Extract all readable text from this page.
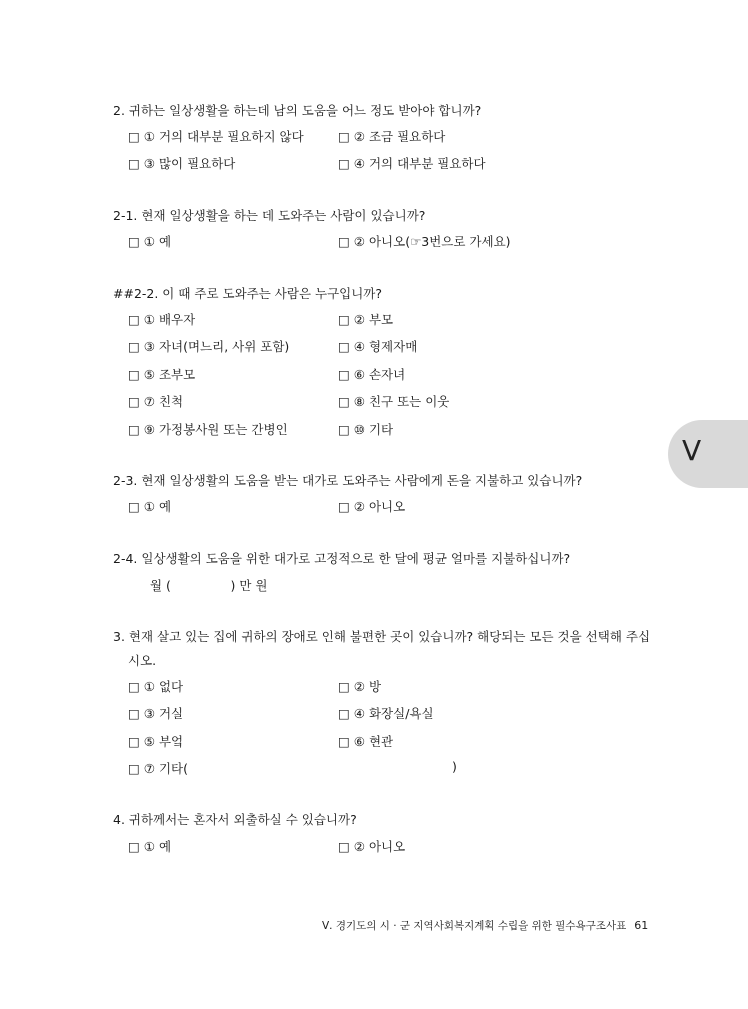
V
2. 귀하는 일상생활을 하는데 남의 도움을 어느 정도 받아야 합니까?
□ ① 거의 대부분 필요하지 않다	□ ② 조금 필요하다
□ ③ 많이 필요하다	□ ④ 거의 대부분 필요하다
2-1. 현재 일상생활을 하는 데 도와주는 사람이 있습니까?
□ ① 예	□ ② 아니오(☞3번으로 가세요)
##2-2. 이 때 주로 도와주는 사람은 누구입니까?
□ ① 배우자	□ ② 부모
□ ③ 자녀(며느리, 사위 포함)	□ ④ 형제자매
□ ⑤ 조부모	□ ⑥ 손자녀
□ ⑦ 친척	□ ⑧ 친구 또는 이웃
□ ⑨ 가정봉사원 또는 간병인	□ ⑩ 기타
2-3. 현재 일상생활의 도움을 받는 대가로 도와주는 사람에게 돈을 지불하고 있습니까?
□ ① 예	□ ② 아니오
2-4. 일상생활의 도움을 위한 대가로 고정적으로 한 달에 평균 얼마를 지불하십니까?
월 (               ) 만 원
3. 현재 살고 있는 집에 귀하의 장애로 인해 불편한 곳이 있습니까? 해당되는 모든 것을 선택해 주십
시오.
□ ① 없다	□ ② 방
□ ③ 거실	□ ④ 화장실/욕실
□ ⑤ 부엌	□ ⑥ 현관
□ ⑦ 기타(	)
4. 귀하께서는 혼자서 외출하실 수 있습니까?
□ ① 예	□ ② 아니오
Ⅴ. 경기도의 시 · 군 지역사회복지계획 수립을 위한 필수욕구조사표 61
